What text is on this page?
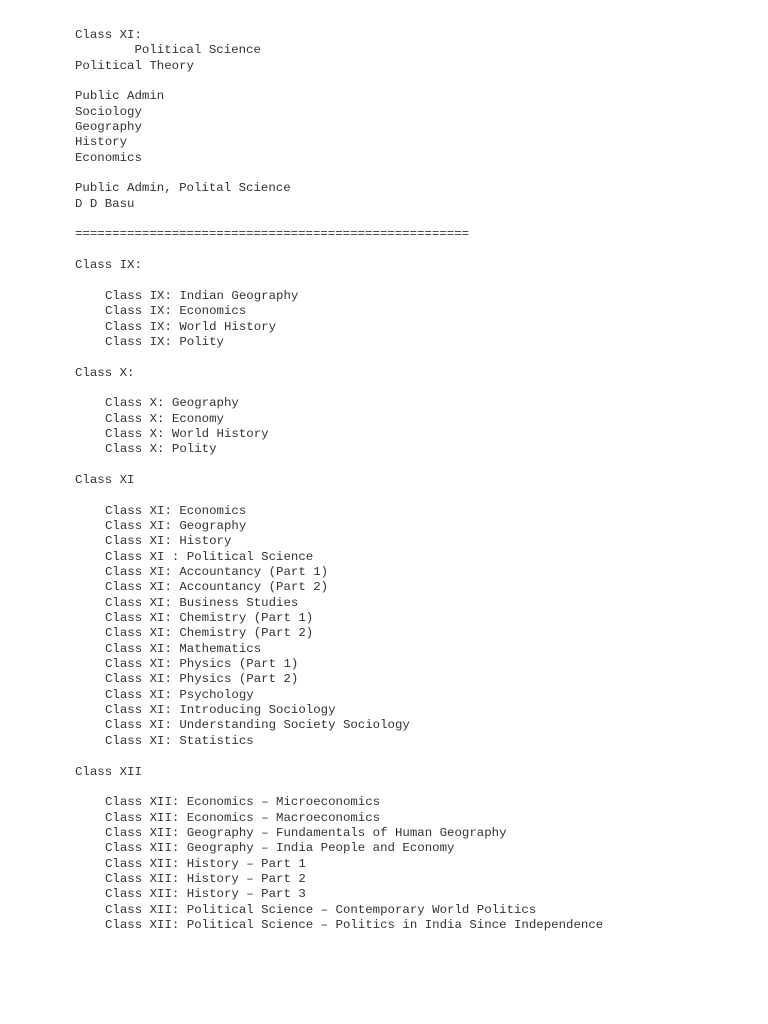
Class XI:
Political Science
Political Theory
Public Admin
Sociology
Geography
History
Economics
Public Admin, Polital Science
D D Basu
=====================================================
Class IX:
Class IX: Indian Geography
Class IX: Economics
Class IX: World History
Class IX: Polity
Class X:
Class X: Geography
Class X: Economy
Class X: World History
Class X: Polity
Class XI
Class XI: Economics
Class XI: Geography
Class XI: History
Class XI : Political Science
Class XI: Accountancy (Part 1)
Class XI: Accountancy (Part 2)
Class XI: Business Studies
Class XI: Chemistry (Part 1)
Class XI: Chemistry (Part 2)
Class XI: Mathematics
Class XI: Physics (Part 1)
Class XI: Physics (Part 2)
Class XI: Psychology
Class XI: Introducing Sociology
Class XI: Understanding Society Sociology
Class XI: Statistics
Class XII
Class XII: Economics – Microeconomics
Class XII: Economics – Macroeconomics
Class XII: Geography – Fundamentals of Human Geography
Class XII: Geography – India People and Economy
Class XII: History – Part 1
Class XII: History – Part 2
Class XII: History – Part 3
Class XII: Political Science – Contemporary World Politics
Class XII: Political Science – Politics in India Since Independence
